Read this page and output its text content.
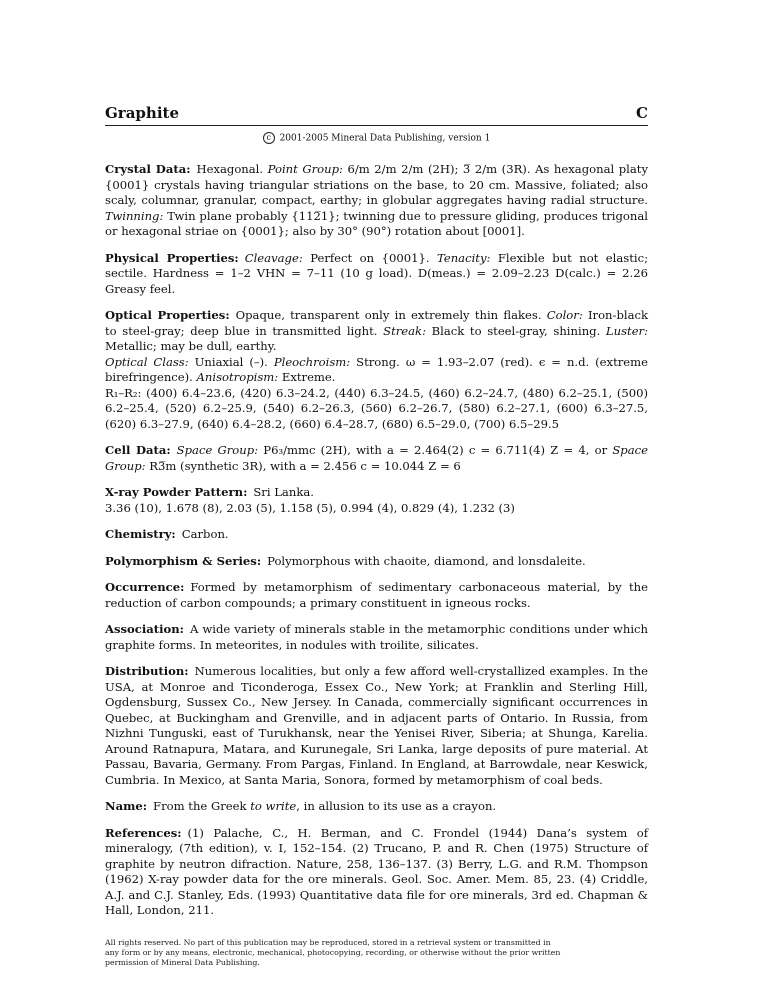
Graphite	C
c 2001-2005 Mineral Data Publishing, version 1
Crystal Data: Hexagonal. Point Group: 6/m 2/m 2/m (2H); 3̅ 2/m (3R). As hexagonal platy {0001} crystals having triangular striations on the base, to 20 cm. Massive, foliated; also scaly, columnar, granular, compact, earthy; in globular aggregates having radial structure. Twinning: Twin plane probably {112̅1}; twinning due to pressure gliding, produces trigonal or hexagonal striae on {0001}; also by 30° (90°) rotation about [0001].
Physical Properties: Cleavage: Perfect on {0001}. Tenacity: Flexible but not elastic; sectile. Hardness = 1–2 VHN = 7–11 (10 g load). D(meas.) = 2.09–2.23 D(calc.) = 2.26 Greasy feel.
Optical Properties: Opaque, transparent only in extremely thin flakes. Color: Iron-black to steel-gray; deep blue in transmitted light. Streak: Black to steel-gray, shining. Luster: Metallic; may be dull, earthy.
Optical Class: Uniaxial (–). Pleochroism: Strong. ω = 1.93–2.07 (red). ϵ = n.d. (extreme birefringence). Anisotropism: Extreme.
R₁–R₂: (400) 6.4–23.6, (420) 6.3–24.2, (440) 6.3–24.5, (460) 6.2–24.7, (480) 6.2–25.1, (500) 6.2–25.4, (520) 6.2–25.9, (540) 6.2–26.3, (560) 6.2–26.7, (580) 6.2–27.1, (600) 6.3–27.5, (620) 6.3–27.9, (640) 6.4–28.2, (660) 6.4–28.7, (680) 6.5–29.0, (700) 6.5–29.5
Cell Data: Space Group: P6₃/mmc (2H), with a = 2.464(2) c = 6.711(4) Z = 4, or Space Group: R3̅m (synthetic 3R), with a = 2.456 c = 10.044 Z = 6
X-ray Powder Pattern: Sri Lanka.
3.36 (10), 1.678 (8), 2.03 (5), 1.158 (5), 0.994 (4), 0.829 (4), 1.232 (3)
Chemistry: Carbon.
Polymorphism & Series: Polymorphous with chaoite, diamond, and lonsdaleite.
Occurrence: Formed by metamorphism of sedimentary carbonaceous material, by the reduction of carbon compounds; a primary constituent in igneous rocks.
Association: A wide variety of minerals stable in the metamorphic conditions under which graphite forms. In meteorites, in nodules with troilite, silicates.
Distribution: Numerous localities, but only a few afford well-crystallized examples. In the USA, at Monroe and Ticonderoga, Essex Co., New York; at Franklin and Sterling Hill, Ogdensburg, Sussex Co., New Jersey. In Canada, commercially significant occurrences in Quebec, at Buckingham and Grenville, and in adjacent parts of Ontario. In Russia, from Nizhni Tunguski, east of Turukhansk, near the Yenisei River, Siberia; at Shunga, Karelia. Around Ratnapura, Matara, and Kurunegale, Sri Lanka, large deposits of pure material. At Passau, Bavaria, Germany. From Pargas, Finland. In England, at Barrowdale, near Keswick, Cumbria. In Mexico, at Santa Maria, Sonora, formed by metamorphism of coal beds.
Name: From the Greek to write, in allusion to its use as a crayon.
References: (1) Palache, C., H. Berman, and C. Frondel (1944) Dana’s system of mineralogy, (7th edition), v. I, 152–154. (2) Trucano, P. and R. Chen (1975) Structure of graphite by neutron difraction. Nature, 258, 136–137. (3) Berry, L.G. and R.M. Thompson (1962) X-ray powder data for the ore minerals. Geol. Soc. Amer. Mem. 85, 23. (4) Criddle, A.J. and C.J. Stanley, Eds. (1993) Quantitative data file for ore minerals, 3rd ed. Chapman & Hall, London, 211.
All rights reserved. No part of this publication may be reproduced, stored in a retrieval system or transmitted in
any form or by any means, electronic, mechanical, photocopying, recording, or otherwise without the prior written
permission of Mineral Data Publishing.
